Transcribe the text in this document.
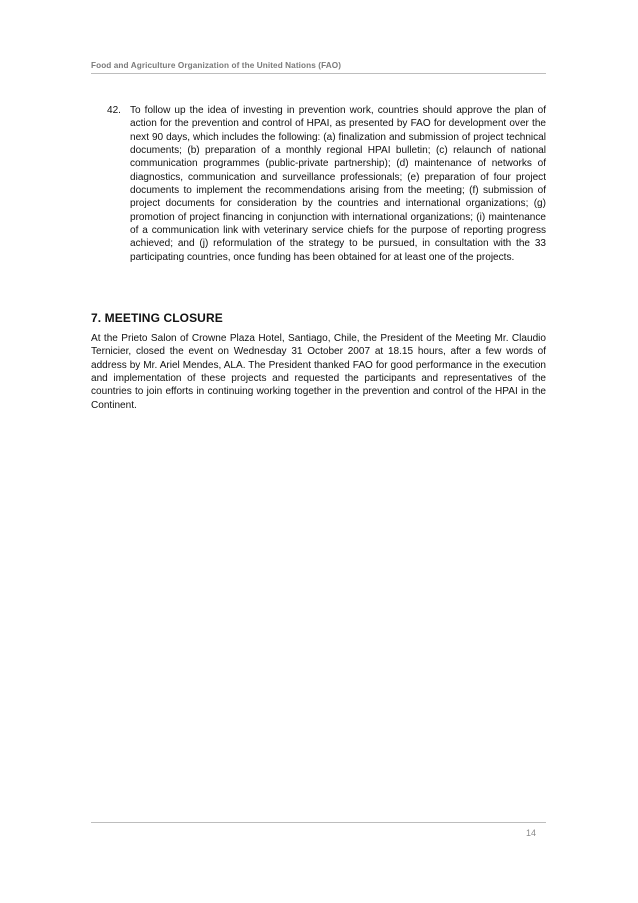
Food and Agriculture Organization of the United Nations (FAO)
42. To follow up the idea of investing in prevention work, countries should approve the plan of action for the prevention and control of HPAI, as presented by FAO for development over the next 90 days, which includes the following: (a) finalization and submission of project technical documents; (b) preparation of a monthly regional HPAI bulletin; (c) relaunch of national communication programmes (public-private partnership); (d) maintenance of networks of diagnostics, communication and surveillance professionals; (e) preparation of four project documents to implement the recommendations arising from the meeting; (f) submission of project documents for consideration by the countries and international organizations; (g) promotion of project financing in conjunction with international organizations; (i) maintenance of a communication link with veterinary service chiefs for the purpose of reporting progress achieved; and (j) reformulation of the strategy to be pursued, in consultation with the 33 participating countries, once funding has been obtained for at least one of the projects.
7. MEETING CLOSURE
At the Prieto Salon of Crowne Plaza Hotel, Santiago, Chile, the President of the Meeting Mr. Claudio Ternicier, closed the event on Wednesday 31 October 2007 at 18.15 hours, after a few words of address by Mr. Ariel Mendes, ALA. The President thanked FAO for good performance in the execution and implementation of these projects and requested the participants and representatives of the countries to join efforts in continuing working together in the prevention and control of the HPAI in the Continent.
14
